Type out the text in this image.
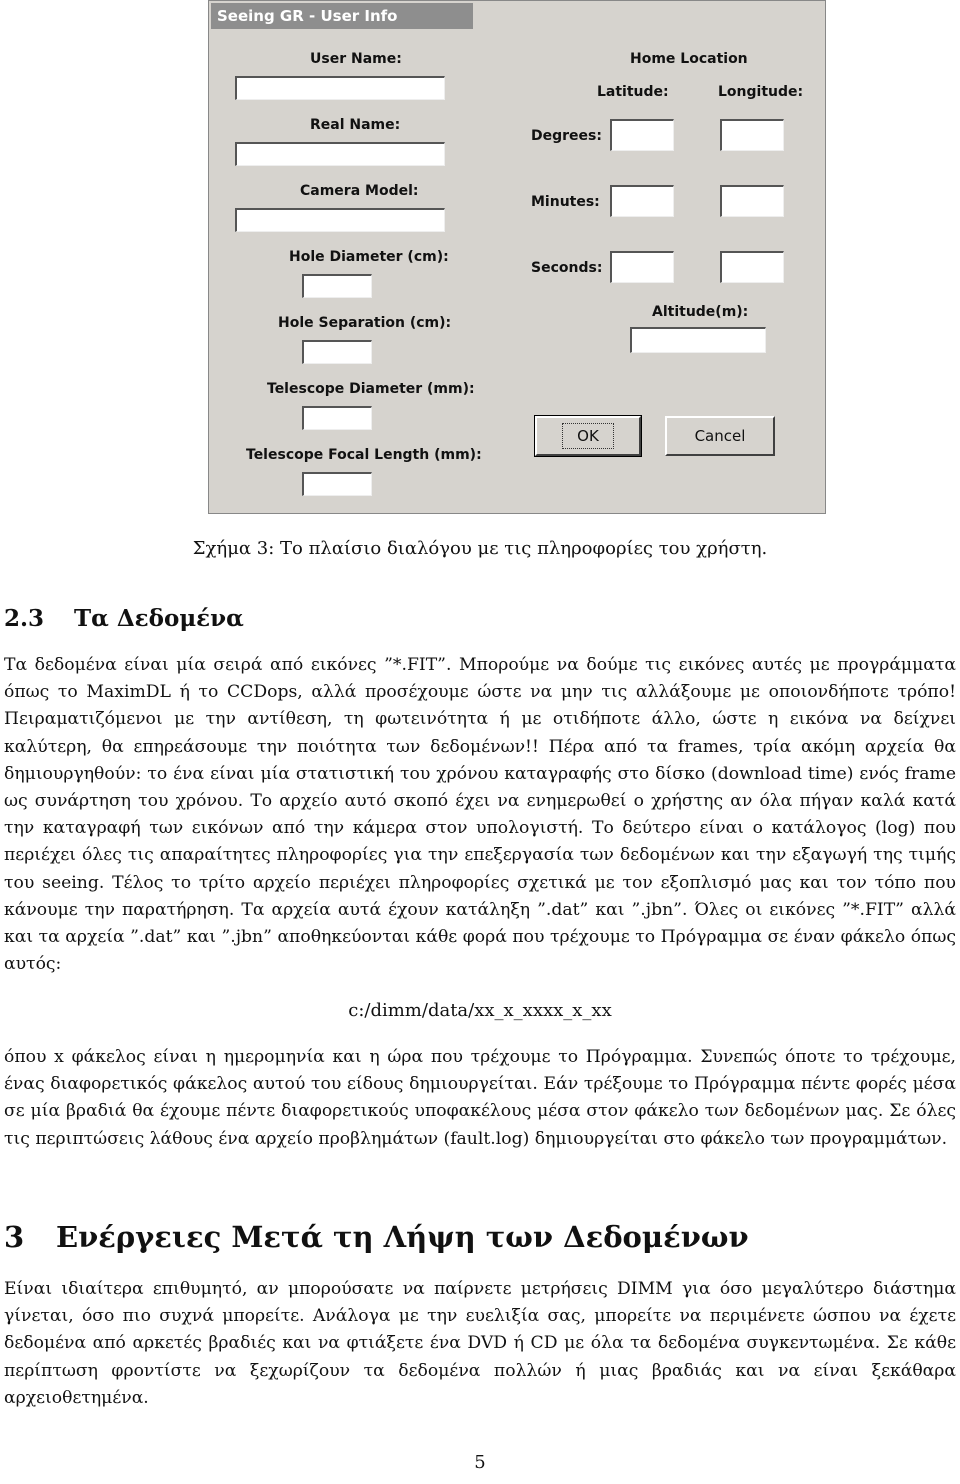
Seeing GR - User Info
User Name:
Real Name:
Camera Model:
Hole Diameter (cm):
Hole Separation (cm):
Telescope Diameter (mm):
Telescope Focal Length (mm):
Home Location
Latitude:	Longitude:
Degrees:
Minutes:
Seconds:
Altitude(m):
OK	Cancel
Σχήμα 3: Το πλαίσιο διαλόγου με τις πληροφορίες του χρήστη.
2.3 Τα Δεδομένα

Τα δεδομένα είναι μία σειρά από εικόνες ”*.FIT”. Μπορούμε να δούμε τις εικόνες αυτές με προγράμματα όπως το MaximDL ή το CCDops, αλλά προσέχουμε ώστε να μην τις αλλάξουμε με οποιονδήποτε τρόπο! Πειραματιζόμενοι με την αντίθεση, τη φωτεινότητα ή με οτιδήποτε άλλο, ώστε η εικόνα να δείχνει καλύτερη, θα επηρεάσουμε την ποιότητα των δεδομένων!! Πέρα από τα frames, τρία ακόμη αρχεία θα δημιουργηθούν: το ένα είναι μία στατιστική του χρόνου καταγραφής στο δίσκο (download time) ενός frame ως συνάρτηση του χρόνου. Το αρχείο αυτό σκοπό έχει να ενημερωθεί ο χρήστης αν όλα πήγαν καλά κατά την καταγραφή των εικόνων από την κάμερα στον υπολογιστή. Το δεύτερο είναι ο κατάλογος (log) που περιέχει όλες τις απαραίτητες πληροφορίες για την επεξεργασία των δεδομένων και την εξαγωγή της τιμής του seeing. Τέλος το τρίτο αρχείο περιέχει πληροφορίες σχετικά με τον εξοπλισμό μας και τον τόπο που κάνουμε την παρατήρηση. Τα αρχεία αυτά έχουν κατάληξη ”.dat” και ”.jbn”. Όλες οι εικόνες ”*.FIT” αλλά και τα αρχεία ”.dat” και ”.jbn” αποθηκεύονται κάθε φορά που τρέχουμε το Πρόγραμμα σε έναν φάκελο όπως αυτός:

c:/dimm/data/xx_x_xxxx_x_xx

όπου x φάκελος είναι η ημερομηνία και η ώρα που τρέχουμε το Πρόγραμμα. Συνεπώς όποτε το τρέχουμε, ένας διαφορετικός φάκελος αυτού του είδους δημιουργείται. Εάν τρέξουμε το Πρόγραμμα πέντε φορές μέσα σε μία βραδιά θα έχουμε πέντε διαφορετικούς υποφακέλους μέσα στον φάκελο των δεδομένων μας. Σε όλες τις περιπτώσεις λάθους ένα αρχείο προβλημάτων (fault.log) δημιουργείται στο φάκελο των προγραμμάτων.

3 Ενέργειες Μετά τη Λήψη των Δεδομένων

Είναι ιδιαίτερα επιθυμητό, αν μπορούσατε να παίρνετε μετρήσεις DIMM για όσο μεγαλύτερο διάστημα γίνεται, όσο πιο συχνά μπορείτε. Ανάλογα με την ευελιξία σας, μπορείτε να περιμένετε ώσπου να έχετε δεδομένα από αρκετές βραδιές και να φτιάξετε ένα DVD ή CD με όλα τα δεδομένα συγκεντωμένα. Σε κάθε περίπτωση φροντίστε να ξεχωρίζουν τα δεδομένα πολλών ή μιας βραδιάς και να είναι ξεκάθαρα αρχειοθετημένα.

5
